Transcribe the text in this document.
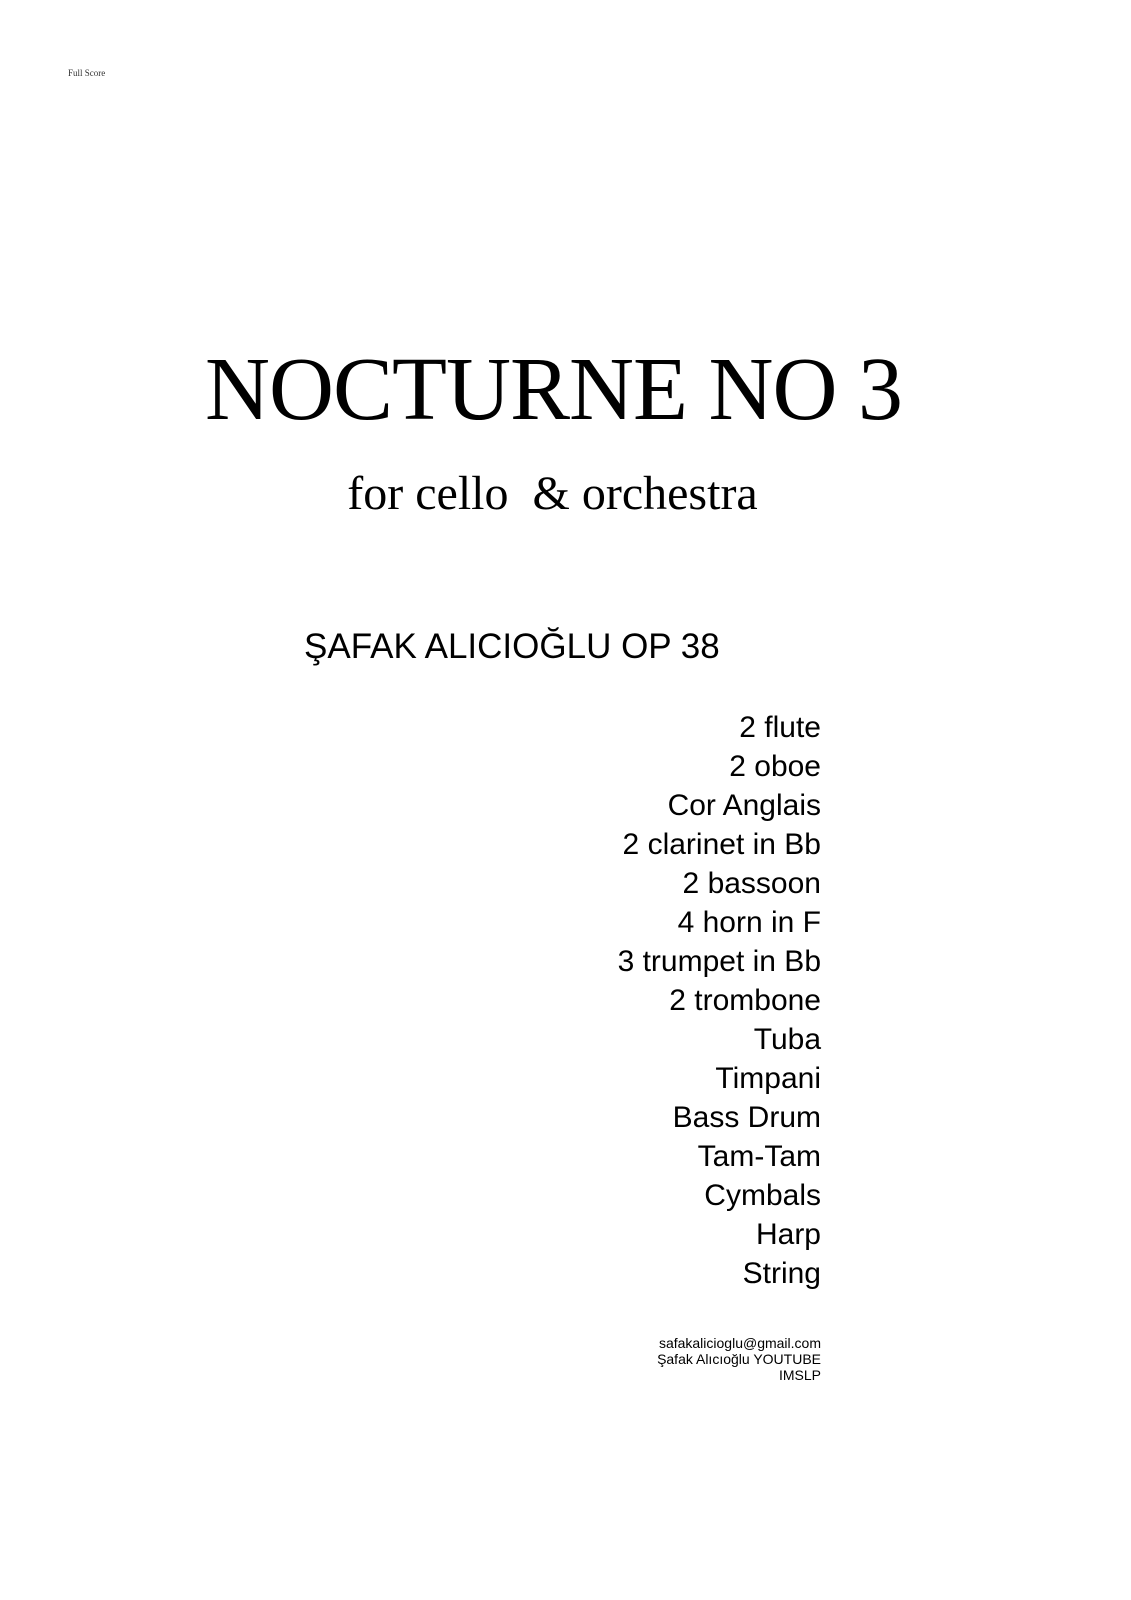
Full Score
NOCTURNE NO 3
for cello  & orchestra
ŞAFAK ALICIOĞLU OP 38
2 flute
2 oboe
Cor Anglais
2 clarinet in Bb
2 bassoon
4 horn in F
3 trumpet in Bb
2 trombone
Tuba
Timpani
Bass Drum
Tam-Tam
Cymbals
Harp
String
safakalicioglu@gmail.com
Şafak Alıcıoğlu YOUTUBE
IMSLP
